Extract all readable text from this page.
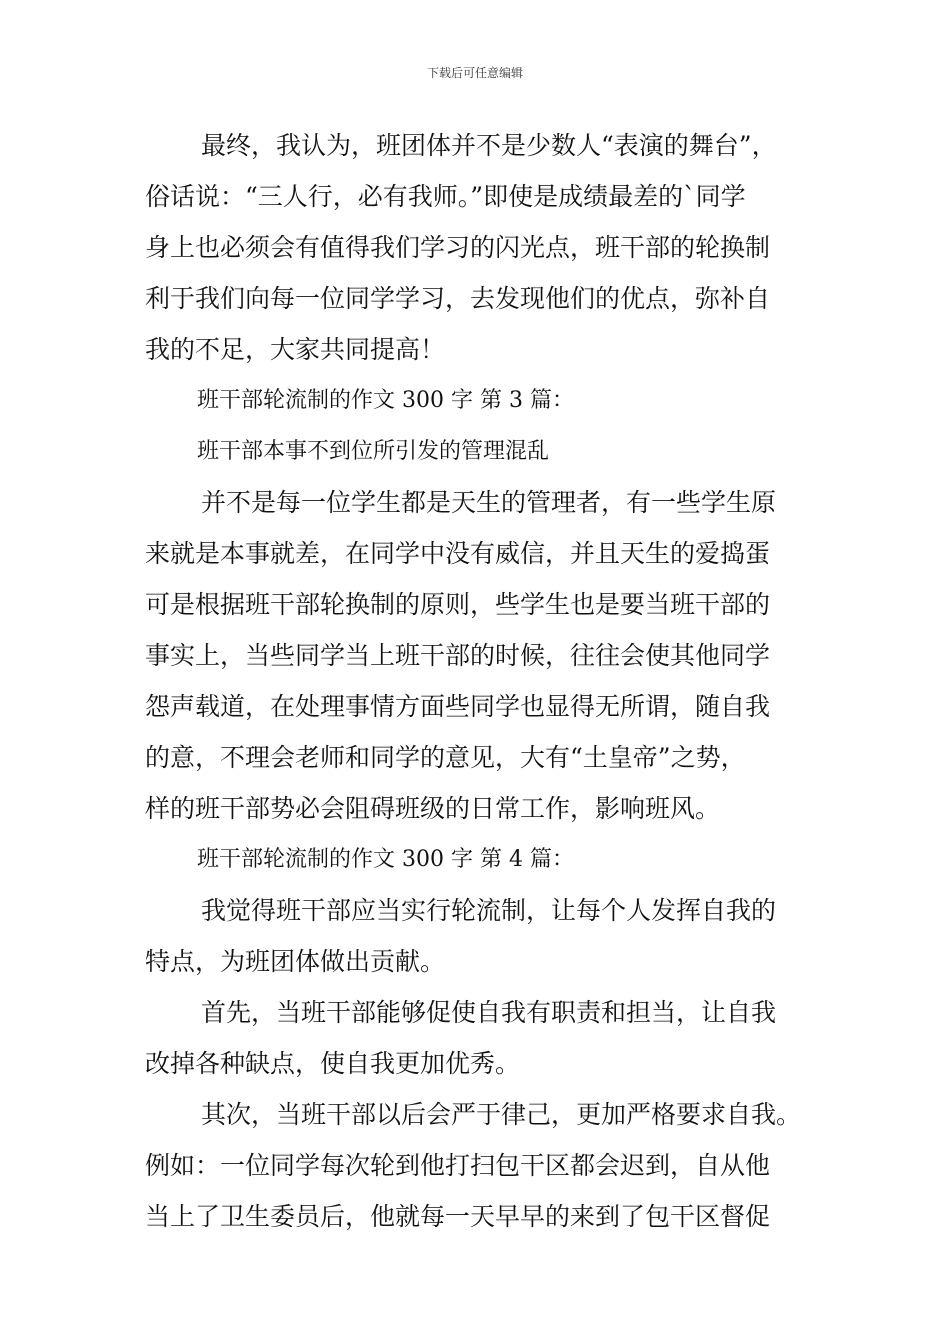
下载后可任意编辑

最终，我认为，班团体并不是少数人“表演的舞台”，

俗话说：“三人行，必有我师。”即使是成绩最差的`同学

身上也必须会有值得我们学习的闪光点，班干部的轮换制

利于我们向每一位同学学习，去发现他们的优点，弥补自

我的不足，大家共同提高！

班干部轮流制的作文 300 字 第 3 篇：

班干部本事不到位所引发的管理混乱

并不是每一位学生都是天生的管理者，有一些学生原

来就是本事就差，在同学中没有威信，并且天生的爱捣蛋

可是根据班干部轮换制的原则，些学生也是要当班干部的

事实上，当些同学当上班干部的时候，往往会使其他同学

怨声载道，在处理事情方面些同学也显得无所谓，随自我

的意，不理会老师和同学的意见，大有“土皇帝”之势，

样的班干部势必会阻碍班级的日常工作，影响班风。

班干部轮流制的作文 300 字 第 4 篇：

我觉得班干部应当实行轮流制，让每个人发挥自我的

特点，为班团体做出贡献。

首先，当班干部能够促使自我有职责和担当，让自我

改掉各种缺点，使自我更加优秀。

其次，当班干部以后会严于律己，更加严格要求自我。

例如：一位同学每次轮到他打扫包干区都会迟到，自从他

当上了卫生委员后，他就每一天早早的来到了包干区督促
